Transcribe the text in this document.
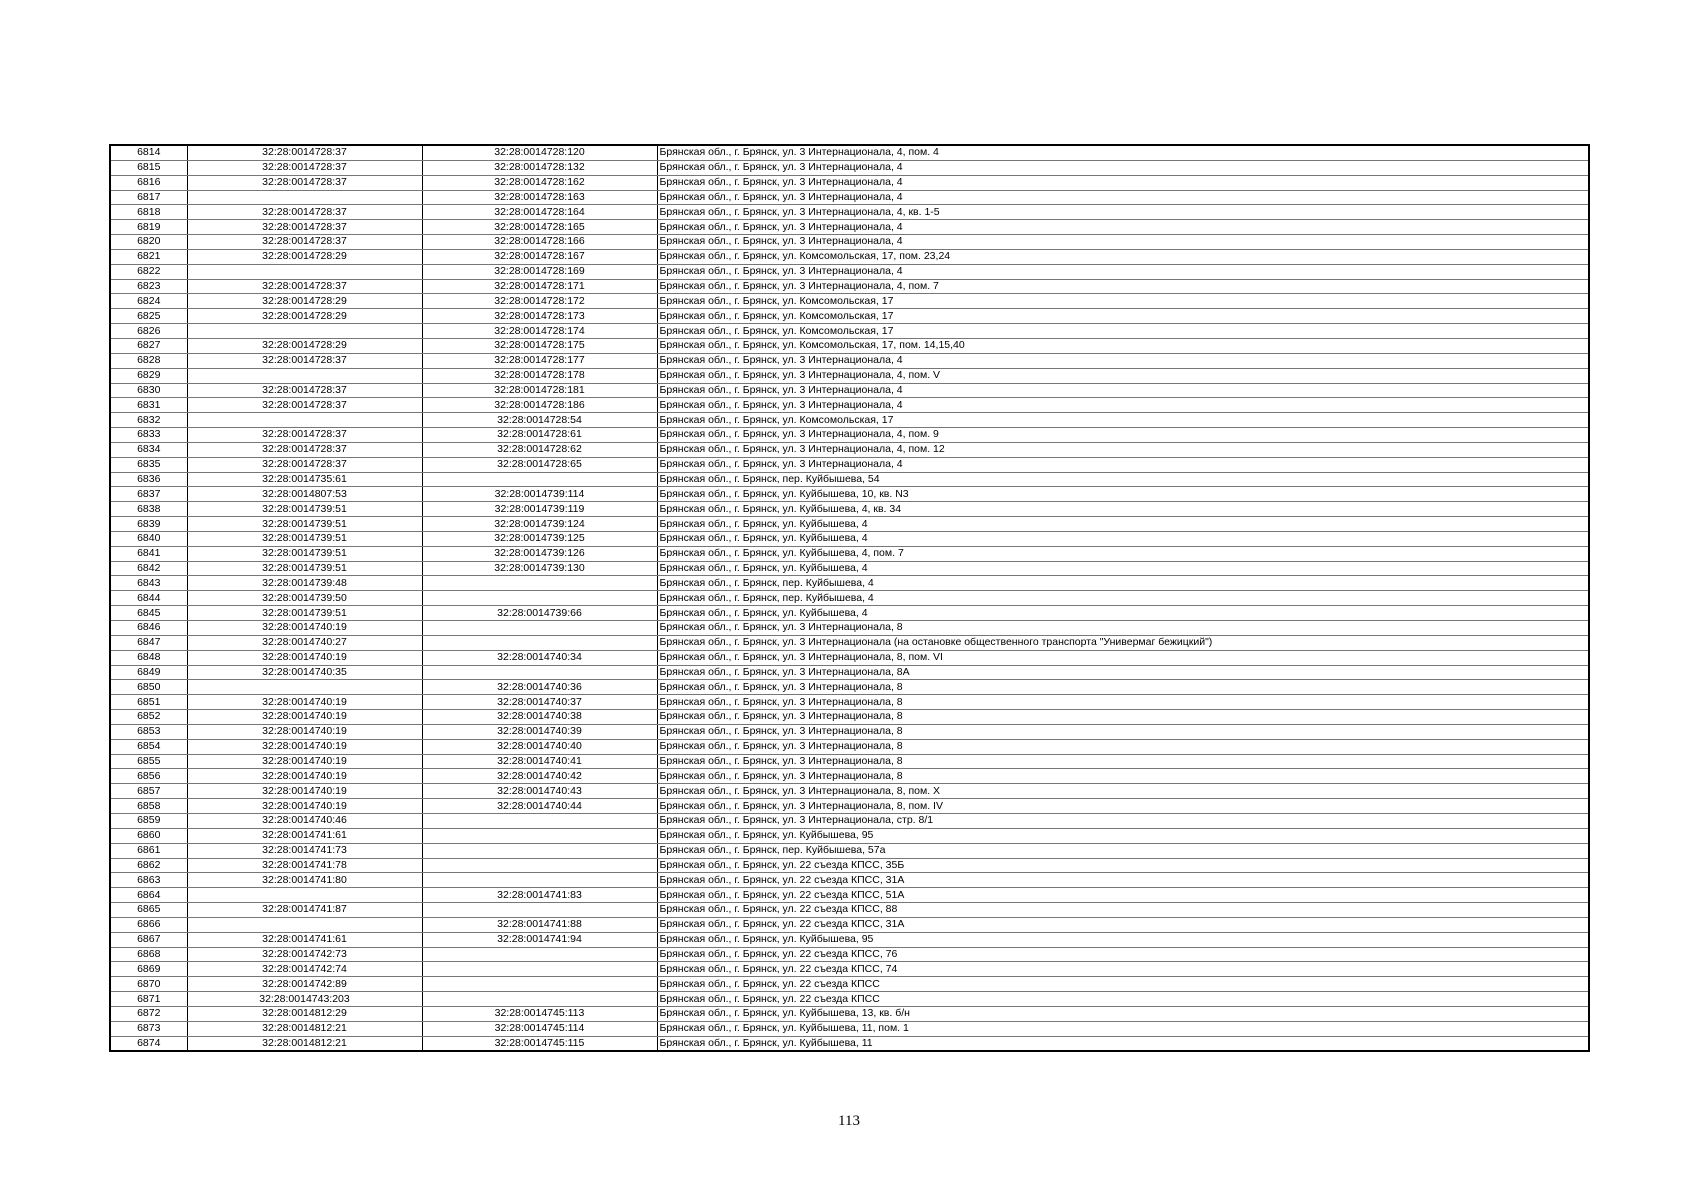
6814	32:28:0014728:37	32:28:0014728:120	Брянская обл., г. Брянск, ул. 3 Интернационала, 4, пом. 4
6815	32:28:0014728:37	32:28:0014728:132	Брянская обл., г. Брянск, ул. 3 Интернационала, 4
6816	32:28:0014728:37	32:28:0014728:162	Брянская обл., г. Брянск, ул. 3 Интернационала, 4
6817		32:28:0014728:163	Брянская обл., г. Брянск, ул. 3 Интернационала, 4
6818	32:28:0014728:37	32:28:0014728:164	Брянская обл., г. Брянск, ул. 3 Интернационала, 4, кв. 1-5
6819	32:28:0014728:37	32:28:0014728:165	Брянская обл., г. Брянск, ул. 3 Интернационала, 4
6820	32:28:0014728:37	32:28:0014728:166	Брянская обл., г. Брянск, ул. 3 Интернационала, 4
6821	32:28:0014728:29	32:28:0014728:167	Брянская обл., г. Брянск, ул. Комсомольская, 17, пом. 23,24
6822		32:28:0014728:169	Брянская обл., г. Брянск, ул. 3 Интернационала, 4
6823	32:28:0014728:37	32:28:0014728:171	Брянская обл., г. Брянск, ул. 3 Интернационала, 4, пом. 7
6824	32:28:0014728:29	32:28:0014728:172	Брянская обл., г. Брянск, ул. Комсомольская, 17
6825	32:28:0014728:29	32:28:0014728:173	Брянская обл., г. Брянск, ул. Комсомольская, 17
6826		32:28:0014728:174	Брянская обл., г. Брянск, ул. Комсомольская, 17
6827	32:28:0014728:29	32:28:0014728:175	Брянская обл., г. Брянск, ул. Комсомольская, 17, пом. 14,15,40
6828	32:28:0014728:37	32:28:0014728:177	Брянская обл., г. Брянск, ул. 3 Интернационала, 4
6829		32:28:0014728:178	Брянская обл., г. Брянск, ул. 3 Интернационала, 4, пом. V
6830	32:28:0014728:37	32:28:0014728:181	Брянская обл., г. Брянск, ул. 3 Интернационала, 4
6831	32:28:0014728:37	32:28:0014728:186	Брянская обл., г. Брянск, ул. 3 Интернационала, 4
6832		32:28:0014728:54	Брянская обл., г. Брянск, ул. Комсомольская, 17
6833	32:28:0014728:37	32:28:0014728:61	Брянская обл., г. Брянск, ул. 3 Интернационала, 4, пом. 9
6834	32:28:0014728:37	32:28:0014728:62	Брянская обл., г. Брянск, ул. 3 Интернационала, 4, пом. 12
6835	32:28:0014728:37	32:28:0014728:65	Брянская обл., г. Брянск, ул. 3 Интернационала, 4
6836	32:28:0014735:61		Брянская обл., г. Брянск, пер. Куйбышева, 54
6837	32:28:0014807:53	32:28:0014739:114	Брянская обл., г. Брянск, ул. Куйбышева, 10, кв. N3
6838	32:28:0014739:51	32:28:0014739:119	Брянская обл., г. Брянск, ул. Куйбышева, 4, кв. 34
6839	32:28:0014739:51	32:28:0014739:124	Брянская обл., г. Брянск, ул. Куйбышева, 4
6840	32:28:0014739:51	32:28:0014739:125	Брянская обл., г. Брянск, ул. Куйбышева, 4
6841	32:28:0014739:51	32:28:0014739:126	Брянская обл., г. Брянск, ул. Куйбышева, 4, пом. 7
6842	32:28:0014739:51	32:28:0014739:130	Брянская обл., г. Брянск, ул. Куйбышева, 4
6843	32:28:0014739:48		Брянская обл., г. Брянск, пер. Куйбышева, 4
6844	32:28:0014739:50		Брянская обл., г. Брянск, пер. Куйбышева, 4
6845	32:28:0014739:51	32:28:0014739:66	Брянская обл., г. Брянск, ул. Куйбышева, 4
6846	32:28:0014740:19		Брянская обл., г. Брянск, ул. 3 Интернационала, 8
6847	32:28:0014740:27		Брянская обл., г. Брянск, ул. 3 Интернационала (на остановке общественного транспорта "Универмаг бежицкий")
6848	32:28:0014740:19	32:28:0014740:34	Брянская обл., г. Брянск, ул. 3 Интернационала, 8, пом. VI
6849	32:28:0014740:35		Брянская обл., г. Брянск, ул. 3 Интернационала, 8А
6850		32:28:0014740:36	Брянская обл., г. Брянск, ул. 3 Интернационала, 8
6851	32:28:0014740:19	32:28:0014740:37	Брянская обл., г. Брянск, ул. 3 Интернационала, 8
6852	32:28:0014740:19	32:28:0014740:38	Брянская обл., г. Брянск, ул. 3 Интернационала, 8
6853	32:28:0014740:19	32:28:0014740:39	Брянская обл., г. Брянск, ул. 3 Интернационала, 8
6854	32:28:0014740:19	32:28:0014740:40	Брянская обл., г. Брянск, ул. 3 Интернационала, 8
6855	32:28:0014740:19	32:28:0014740:41	Брянская обл., г. Брянск, ул. 3 Интернационала, 8
6856	32:28:0014740:19	32:28:0014740:42	Брянская обл., г. Брянск, ул. 3 Интернационала, 8
6857	32:28:0014740:19	32:28:0014740:43	Брянская обл., г. Брянск, ул. 3 Интернационала, 8, пом. X
6858	32:28:0014740:19	32:28:0014740:44	Брянская обл., г. Брянск, ул. 3 Интернационала, 8, пом. IV
6859	32:28:0014740:46		Брянская обл., г. Брянск, ул. 3 Интернационала, стр. 8/1
6860	32:28:0014741:61		Брянская обл., г. Брянск, ул. Куйбышева, 95
6861	32:28:0014741:73		Брянская обл., г. Брянск, пер. Куйбышева, 57а
6862	32:28:0014741:78		Брянская обл., г. Брянск, ул. 22 съезда КПСС, 35Б
6863	32:28:0014741:80		Брянская обл., г. Брянск, ул. 22 съезда КПСС, 31А
6864		32:28:0014741:83	Брянская обл., г. Брянск, ул. 22 съезда КПСС, 51А
6865	32:28:0014741:87		Брянская обл., г. Брянск, ул. 22 съезда КПСС, 88
6866		32:28:0014741:88	Брянская обл., г. Брянск, ул. 22 съезда КПСС, 31А
6867	32:28:0014741:61	32:28:0014741:94	Брянская обл., г. Брянск, ул. Куйбышева, 95
6868	32:28:0014742:73		Брянская обл., г. Брянск, ул. 22 съезда КПСС, 76
6869	32:28:0014742:74		Брянская обл., г. Брянск, ул. 22 съезда КПСС, 74
6870	32:28:0014742:89		Брянская обл., г. Брянск, ул. 22 съезда КПСС
6871	32:28:0014743:203		Брянская обл., г. Брянск, ул. 22 съезда КПСС
6872	32:28:0014812:29	32:28:0014745:113	Брянская обл., г. Брянск, ул. Куйбышева, 13, кв. б/н
6873	32:28:0014812:21	32:28:0014745:114	Брянская обл., г. Брянск, ул. Куйбышева, 11, пом. 1
6874	32:28:0014812:21	32:28:0014745:115	Брянская обл., г. Брянск, ул. Куйбышева, 11
113
